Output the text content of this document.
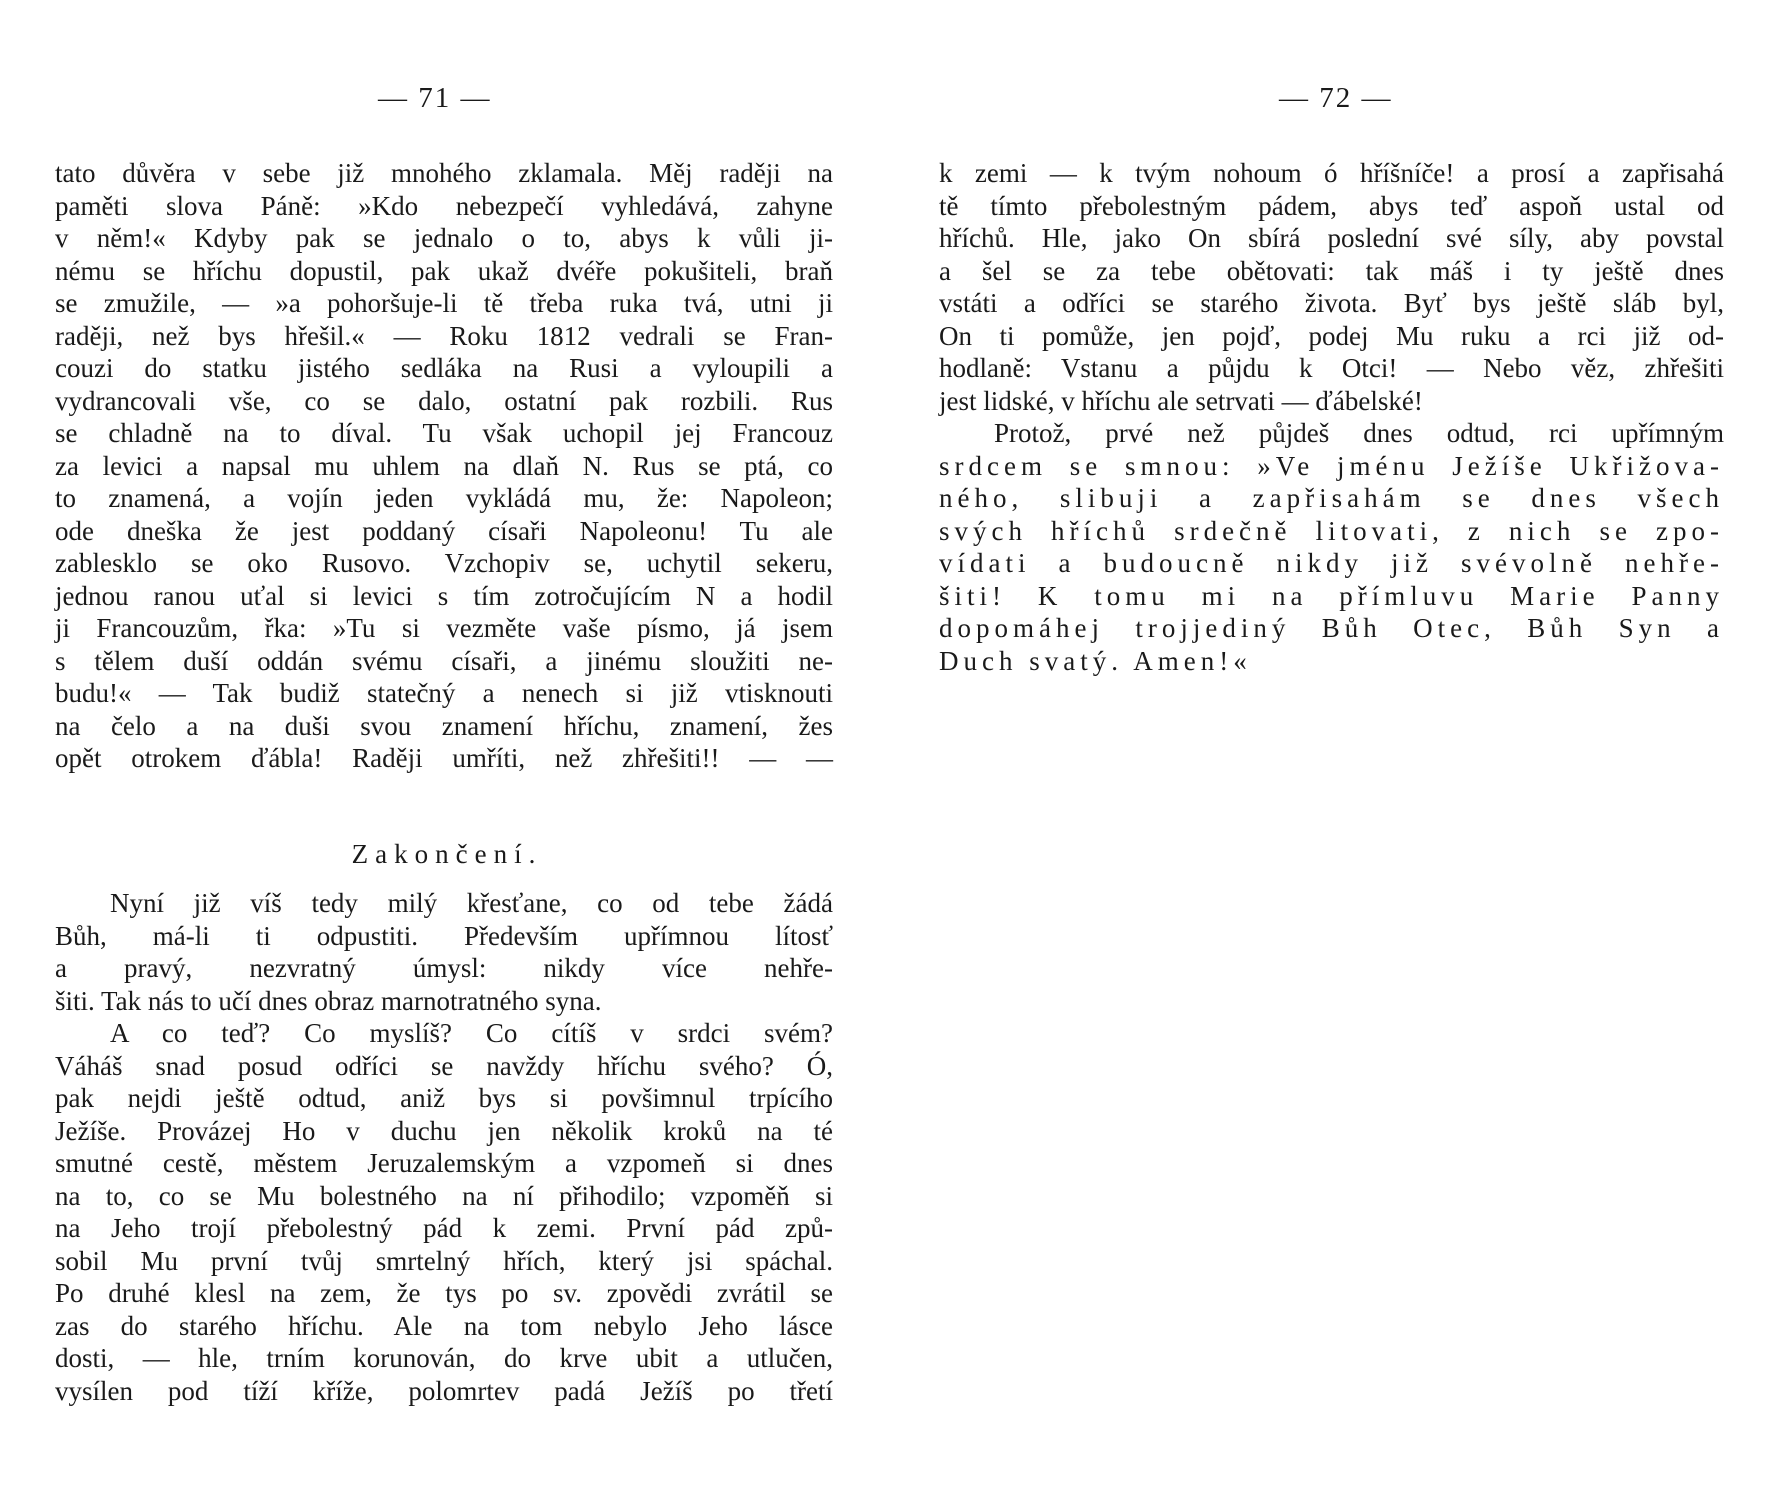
— 71 —
tato důvěra v sebe již mnohého zklamala. Měj raději na
paměti slova Páně: »Kdo nebezpečí vyhledává, zahyne
v něm!« Kdyby pak se jednalo o to, abys k vůli ji-
nému se hříchu dopustil, pak ukaž dvéře pokušiteli, braň
se zmužile, — »a pohoršuje-li tě třeba ruka tvá, utni ji
raději, než bys hřešil.« — Roku 1812 vedrali se Fran-
couzi do statku jistého sedláka na Rusi a vyloupili a
vydrancovali vše, co se dalo, ostatní pak rozbili. Rus
se chladně na to díval. Tu však uchopil jej Francouz
za levici a napsal mu uhlem na dlaň N. Rus se ptá, co
to znamená, a vojín jeden vykládá mu, že: Napoleon;
ode dneška že jest poddaný císaři Napoleonu! Tu ale
zablesklo se oko Rusovo. Vzchopiv se, uchytil sekeru,
jednou ranou uťal si levici s tím zotročujícím N a hodil
ji Francouzům, řka: »Tu si vezměte vaše písmo, já jsem
s tělem duší oddán svému císaři, a jinému sloužiti ne-
budu!« — Tak budiž statečný a nenech si již vtisknouti
na čelo a na duši svou znamení hříchu, znamení, žes
opět otrokem ďábla! Raději umříti, než zhřešiti!! — —
Zakončení.
Nyní již víš tedy milý křesťane, co od tebe žádá
Bůh, má-li ti odpustiti. Především upřímnou lítosť
a pravý, nezvratný úmysl: nikdy více nehře-
šiti. Tak nás to učí dnes obraz marnotratného syna.
A co teď? Co myslíš? Co cítíš v srdci svém?
Váháš snad posud odříci se navždy hříchu svého? Ó,
pak nejdi ještě odtud, aniž bys si povšimnul trpícího
Ježíše. Provázej Ho v duchu jen několik kroků na té
smutné cestě, městem Jeruzalemským a vzpomeň si dnes
na to, co se Mu bolestného na ní přihodilo; vzpoměň si
na Jeho trojí přebolestný pád k zemi. První pád způ-
sobil Mu první tvůj smrtelný hřích, který jsi spáchal.
Po druhé klesl na zem, že tys po sv. zpovědi zvrátil se
zas do starého hříchu. Ale na tom nebylo Jeho lásce
dosti, — hle, trním korunován, do krve ubit a utlučen,
vysílen pod tíží kříže, polomrtev padá Ježíš po třetí
— 72 —
k zemi — k tvým nohoum ó hříšníče! a prosí a zapřisahá
tě tímto přebolestným pádem, abys teď aspoň ustal od
hříchů. Hle, jako On sbírá poslední své síly, aby povstal
a šel se za tebe obětovati: tak máš i ty ještě dnes
vstáti a odříci se starého života. Byť bys ještě sláb byl,
On ti pomůže, jen pojď, podej Mu ruku a rci již od-
hodlaně: Vstanu a půjdu k Otci! — Nebo věz, zhřešiti
jest lidské, v hříchu ale setrvati — ďábelské!
Protož, prvé než půjdeš dnes odtud, rci upřímným
srdcem se smnou: »Ve jménu Ježíše Ukřižova-
ného, slibuji a zapřisahám se dnes všech
svých hříchů srdečně litovati, z nich se zpo-
vídati a budoucně nikdy již svévolně nehře-
šiti! K tomu mi na přímluvu Marie Panny
dopomáhej trojjediný Bůh Otec, Bůh Syn a
Duch svatý. Amen!«
